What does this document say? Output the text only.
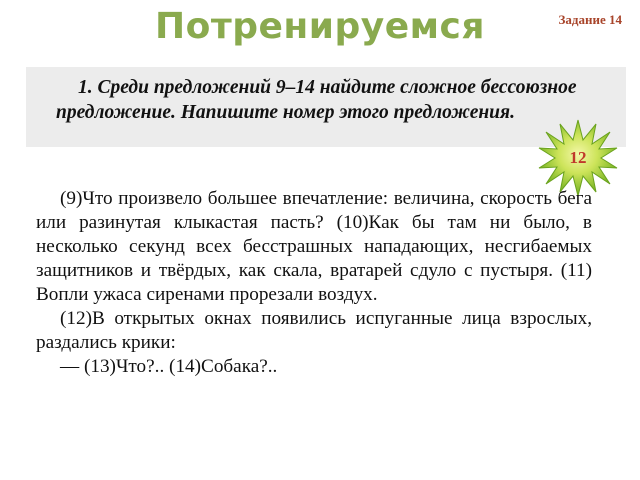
Потренируемся	Задание 14

1. Среди предложений 9–14 найдите сложное бессоюзное предложение. Напишите номер этого предложения.

12

(9)Что произвело большее впечатление: величина, скорость бега или разинутая клыкастая пасть? (10)Как бы там ни было, в несколько секунд всех бесстрашных нападающих, несгибаемых защитников и твёрдых, как скала, вратарей сдуло с пустыря. (11) Вопли ужаса сиренами прорезали воздух.

(12)В открытых окнах появились испуганные лица взрослых, раздались крики:

— (13)Что?.. (14)Собака?..
